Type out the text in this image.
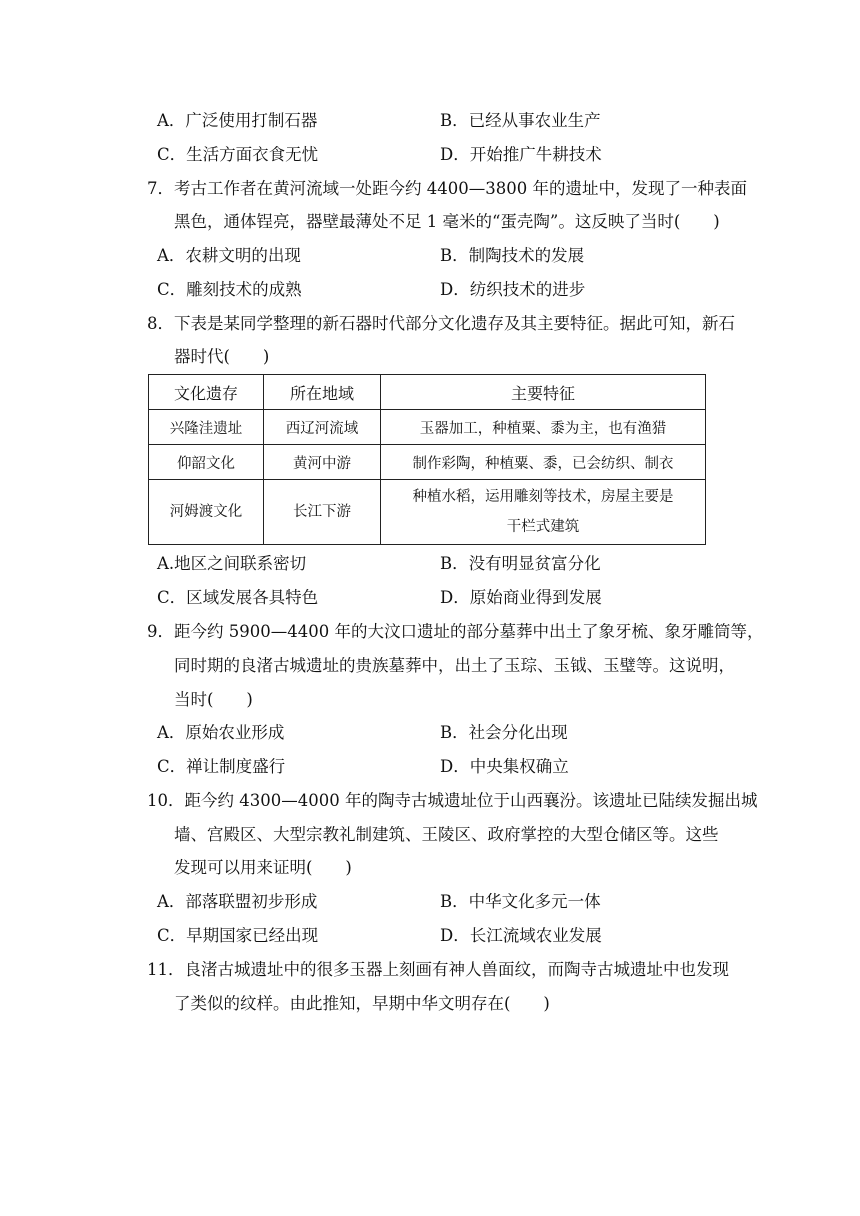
A．广泛使用打制石器	B．已经从事农业生产
C．生活方面衣食无忧	D．开始推广牛耕技术
7．考古工作者在黄河流域一处距今约 4400—3800 年的遗址中，发现了一种表面
黑色，通体锃亮，器壁最薄处不足 1 毫米的“蛋壳陶”。这反映了当时(　　)
A．农耕文明的出现	B．制陶技术的发展
C．雕刻技术的成熟	D．纺织技术的进步
8．下表是某同学整理的新石器时代部分文化遗存及其主要特征。据此可知，新石
器时代(　　)
文化遗存	所在地域	主要特征
兴隆洼遗址	西辽河流域	玉器加工，种植粟、黍为主，也有渔猎
仰韶文化	黄河中游	制作彩陶，种植粟、黍，已会纺织、制衣
河姆渡文化	长江下游	种植水稻，运用雕刻等技术，房屋主要是
干栏式建筑
A.地区之间联系密切	B．没有明显贫富分化
C．区域发展各具特色	D．原始商业得到发展
9．距今约 5900—4400 年的大汶口遗址的部分墓葬中出土了象牙梳、象牙雕筒等，
同时期的良渚古城遗址的贵族墓葬中，出土了玉琮、玉钺、玉璧等。这说明，
当时(　　)
A．原始农业形成	B．社会分化出现
C．禅让制度盛行	D．中央集权确立
10．距今约 4300—4000 年的陶寺古城遗址位于山西襄汾。该遗址已陆续发掘出城
墙、宫殿区、大型宗教礼制建筑、王陵区、政府掌控的大型仓储区等。这些
发现可以用来证明(　　)
A．部落联盟初步形成	B．中华文化多元一体
C．早期国家已经出现	D．长江流域农业发展
11．良渚古城遗址中的很多玉器上刻画有神人兽面纹，而陶寺古城遗址中也发现
了类似的纹样。由此推知，早期中华文明存在(　　)
